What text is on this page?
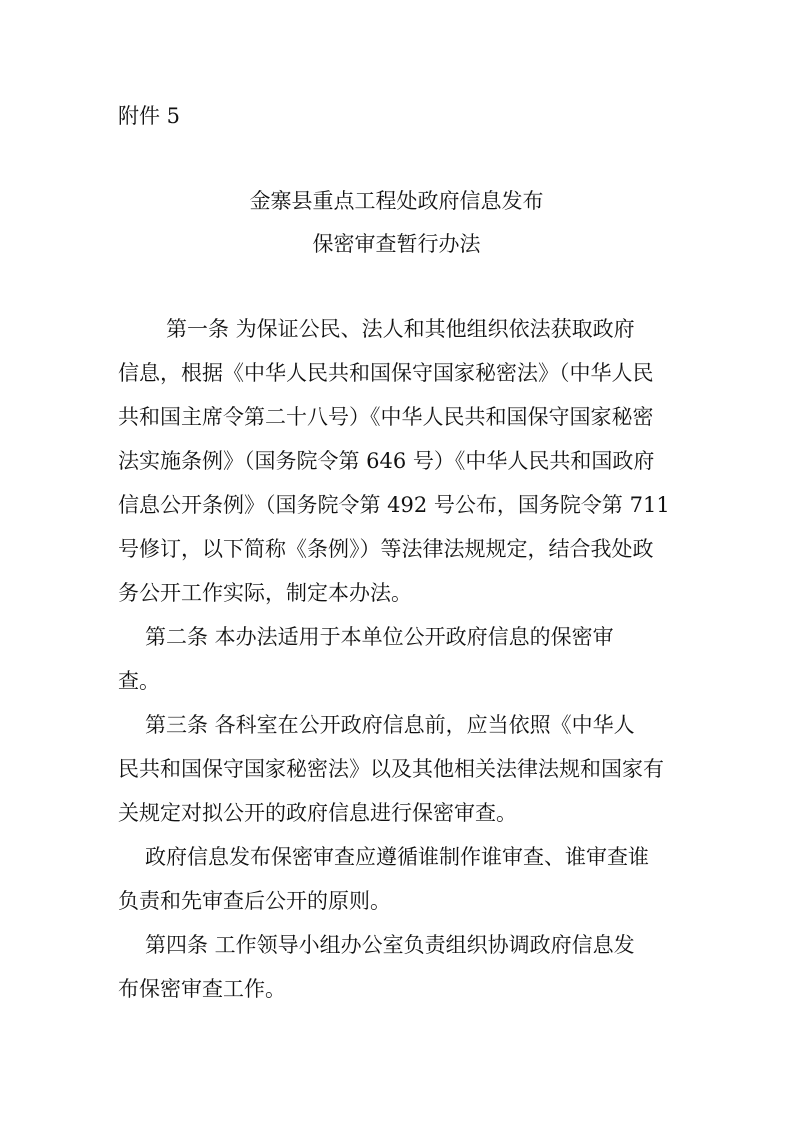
附件 5
金寨县重点工程处政府信息发布
保密审查暂行办法
　　第一条 为保证公民、法人和其他组织依法获取政府
信息，根据《中华人民共和国保守国家秘密法》（中华人民
共和国主席令第二十八号）《中华人民共和国保守国家秘密
法实施条例》（国务院令第 646 号）《中华人民共和国政府
信息公开条例》（国务院令第 492 号公布，国务院令第 711
号修订，以下简称《条例》）等法律法规规定，结合我处政
务公开工作实际，制定本办法。
第二条 本办法适用于本单位公开政府信息的保密审
查。
第三条 各科室在公开政府信息前，应当依照《中华人
民共和国保守国家秘密法》以及其他相关法律法规和国家有
关规定对拟公开的政府信息进行保密审查。
政府信息发布保密审查应遵循谁制作谁审查、谁审查谁
负责和先审查后公开的原则。
第四条 工作领导小组办公室负责组织协调政府信息发
布保密审查工作。
